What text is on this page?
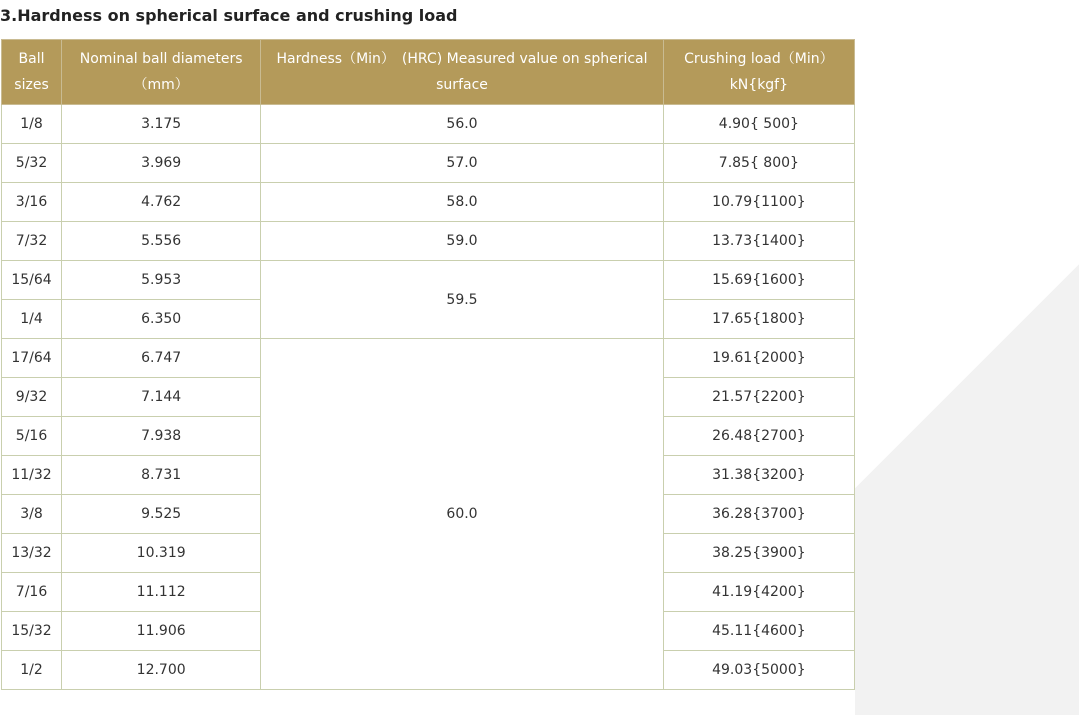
3.Hardness on spherical surface and crushing load
Ball sizes	Nominal ball diameters（mm）	Hardness（Min）　(HRC) Measured value on spherical surface	Crushing load（Min） kN{kgf}
1/8	3.175	56.0	4.90{ 500}
5/32	3.969	57.0	7.85{ 800}
3/16	4.762	58.0	10.79{1100}
7/32	5.556	59.0	13.73{1400}
15/64	5.953	59.5	15.69{1600}
1/4	6.350		17.65{1800}
17/64	6.747	60.0	19.61{2000}
9/32	7.144		21.57{2200}
5/16	7.938		26.48{2700}
11/32	8.731		31.38{3200}
3/8	9.525		36.28{3700}
13/32	10.319		38.25{3900}
7/16	11.112		41.19{4200}
15/32	11.906		45.11{4600}
1/2	12.700		49.03{5000}
